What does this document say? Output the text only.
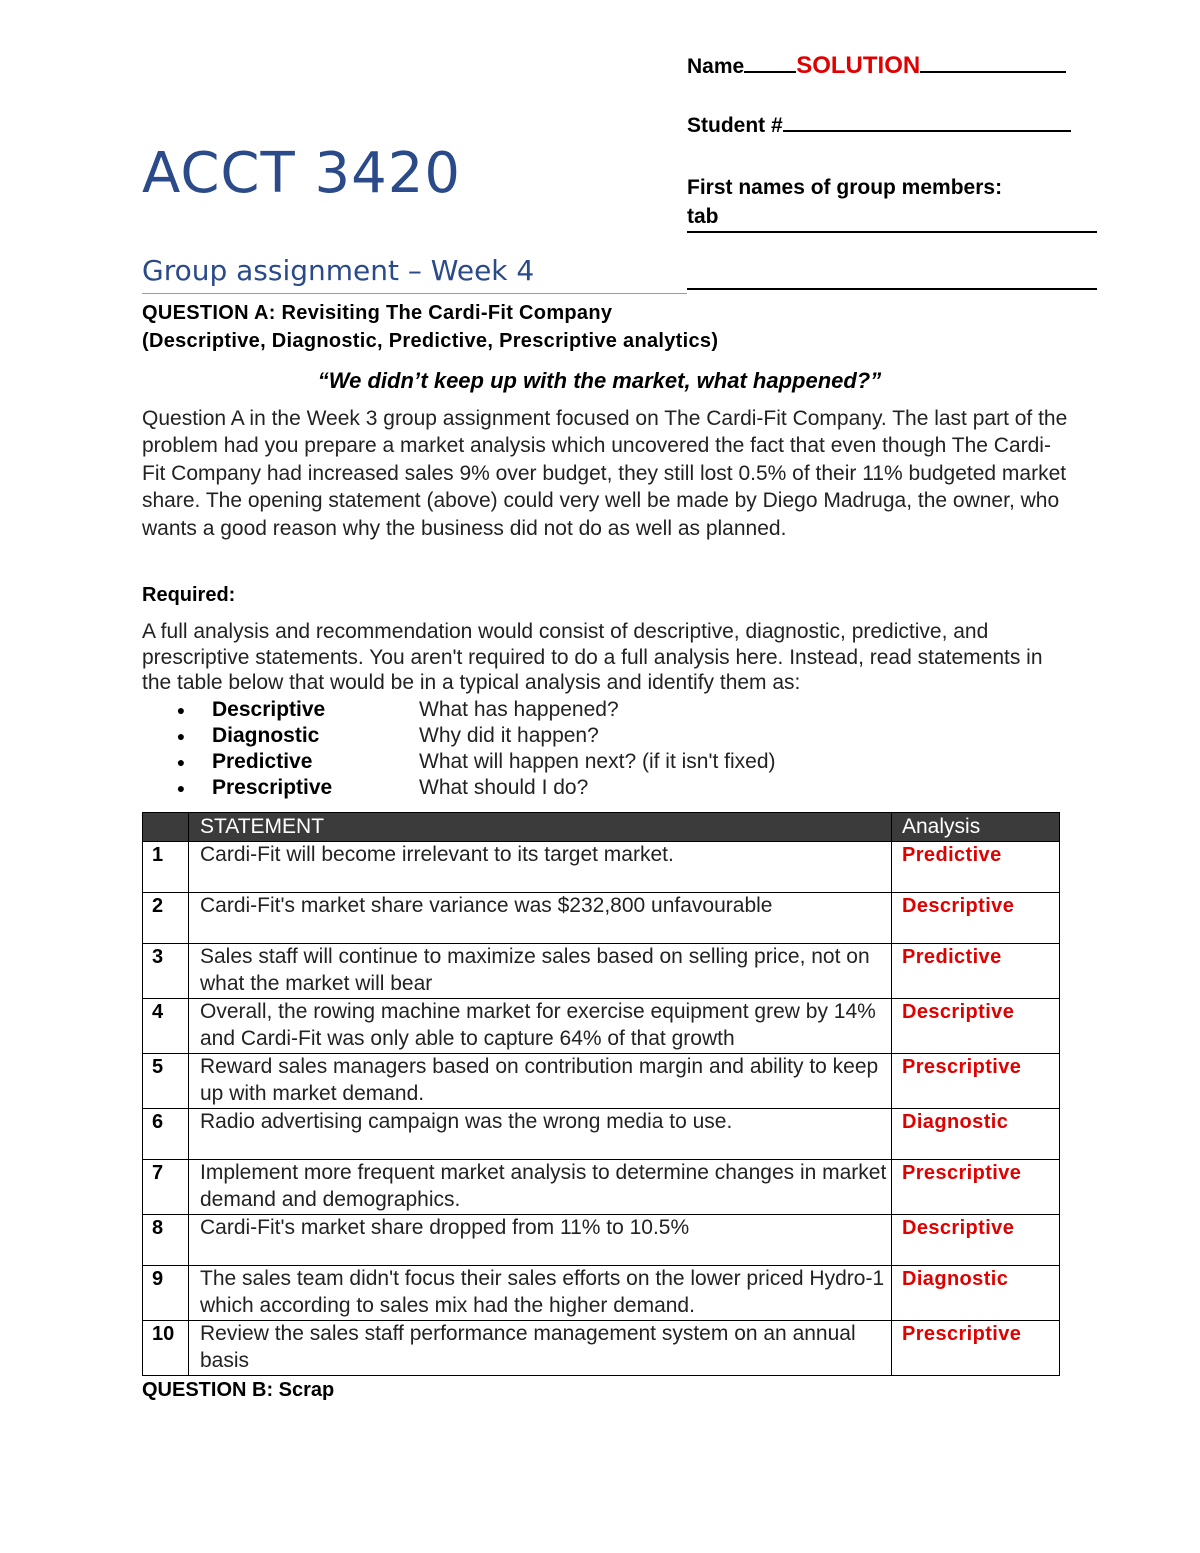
Name SOLUTION
Student #
First names of group members:
tab
ACCT 3420
Group assignment – Week 4
QUESTION A: Revisiting The Cardi-Fit Company
(Descriptive, Diagnostic, Predictive, Prescriptive analytics)
“We didn’t keep up with the market, what happened?”
Question A in the Week 3 group assignment focused on The Cardi-Fit Company. The last part of the problem had you prepare a market analysis which uncovered the fact that even though The Cardi-Fit Company had increased sales 9% over budget, they still lost 0.5% of their 11% budgeted market share. The opening statement (above) could very well be made by Diego Madruga, the owner, who wants a good reason why the business did not do as well as planned.
Required:
A full analysis and recommendation would consist of descriptive, diagnostic, predictive, and prescriptive statements. You aren't required to do a full analysis here. Instead, read statements in the table below that would be in a typical analysis and identify them as:
●	Descriptive	What has happened?
●	Diagnostic	Why did it happen?
●	Predictive	What will happen next? (if it isn't fixed)
●	Prescriptive	What should I do?
	STATEMENT	Analysis
1	Cardi-Fit will become irrelevant to its target market.	Predictive
2	Cardi-Fit's market share variance was $232,800 unfavourable	Descriptive
3	Sales staff will continue to maximize sales based on selling price, not on what the market will bear	Predictive
4	Overall, the rowing machine market for exercise equipment grew by 14% and Cardi-Fit was only able to capture 64% of that growth	Descriptive
5	Reward sales managers based on contribution margin and ability to keep up with market demand.	Prescriptive
6	Radio advertising campaign was the wrong media to use.	Diagnostic
7	Implement more frequent market analysis to determine changes in market demand and demographics.	Prescriptive
8	Cardi-Fit's market share dropped from 11% to 10.5%	Descriptive
9	The sales team didn't focus their sales efforts on the lower priced Hydro-1 which according to sales mix had the higher demand.	Diagnostic
10	Review the sales staff performance management system on an annual basis	Prescriptive
QUESTION B: Scrap
